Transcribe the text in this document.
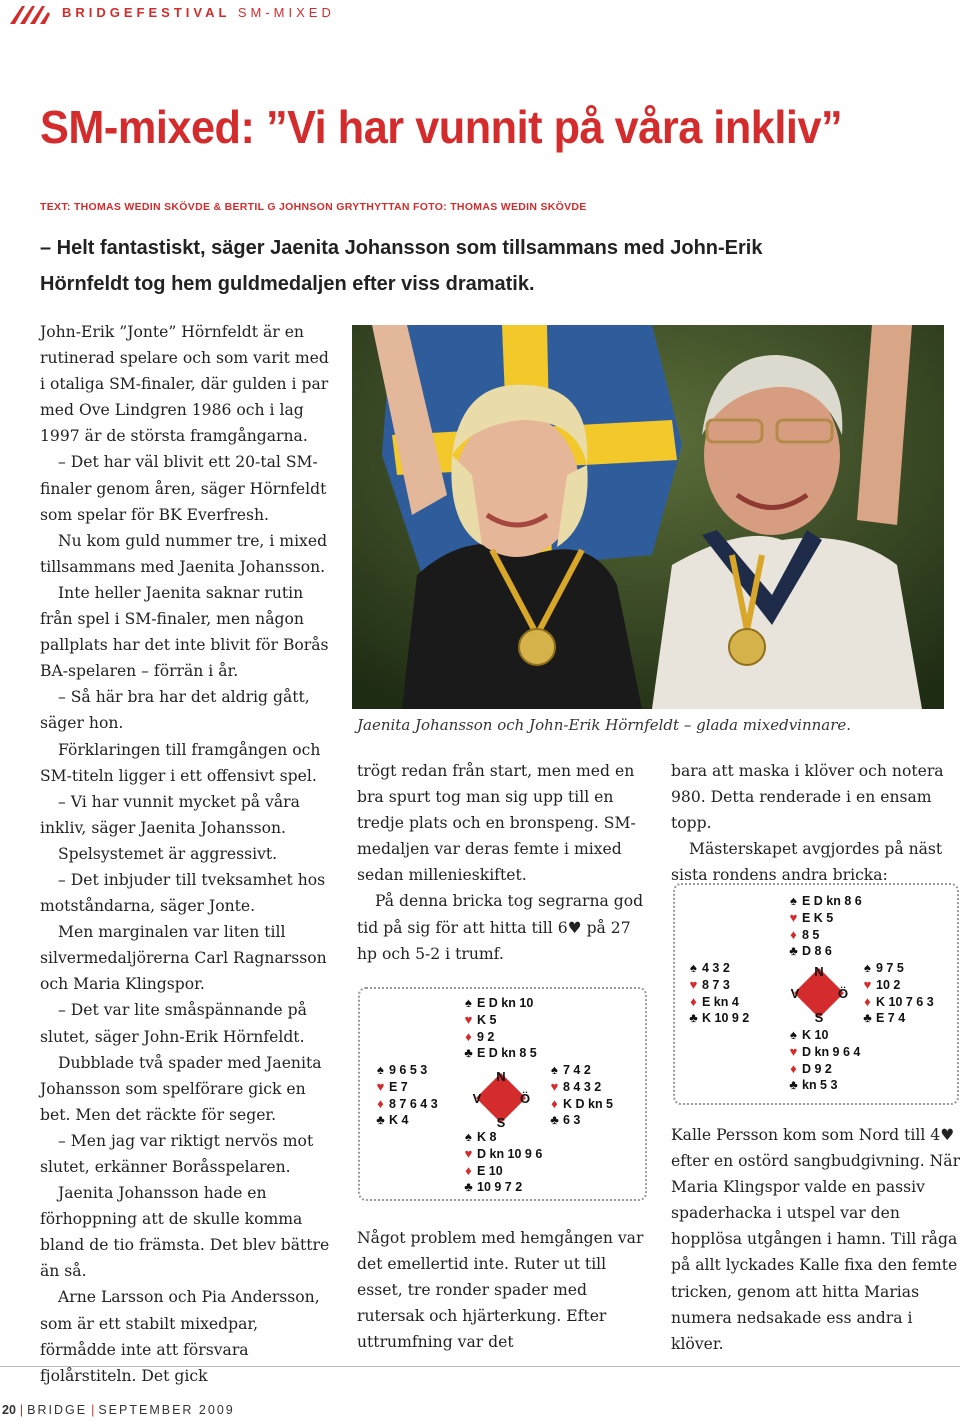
BRIDGEFESTIVAL SM-MIXED
SM-mixed: ”Vi har vunnit på våra inkliv”
TEXT: THOMAS WEDIN SKÖVDE & BERTIL G JOHNSON GRYTHYTTAN FOTO: THOMAS WEDIN SKÖVDE
– Helt fantastiskt, säger Jaenita Johansson som tillsammans med John-Erik Hörnfeldt tog hem guldmedaljen efter viss dramatik.

John-Erik ”Jonte” Hörnfeldt är en rutinerad spelare och som varit med i otaliga SM-finaler, där gulden i par med Ove Lindgren 1986 och i lag 1997 är de största framgångarna.

– Det har väl blivit ett 20-tal SM-finaler genom åren, säger Hörnfeldt som spelar för BK Everfresh.

Nu kom guld nummer tre, i mixed tillsammans med Jaenita Johansson.

Inte heller Jaenita saknar rutin från spel i SM-finaler, men någon pallplats har det inte blivit för Borås BA-spelaren – förrän i år.

– Så här bra har det aldrig gått, säger hon.

Förklaringen till framgången och SM-titeln ligger i ett offensivt spel.

– Vi har vunnit mycket på våra inkliv, säger Jaenita Johansson.

Spelsystemet är aggressivt.

– Det inbjuder till tveksamhet hos motståndarna, säger Jonte.

Men marginalen var liten till silvermedaljörerna Carl Ragnarsson och Maria Klingspor.

– Det var lite småspännande på slutet, säger John-Erik Hörnfeldt.

Dubblade två spader med Jaenita Johansson som spelförare gick en bet. Men det räckte för seger.

– Men jag var riktigt nervös mot slutet, erkänner Boråsspelaren.

Jaenita Johansson hade en förhoppning att de skulle komma bland de tio främsta. Det blev bättre än så.

Arne Larsson och Pia Andersson, som är ett stabilt mixedpar, förmådde inte att försvara fjolårstiteln. Det gick

Jaenita Johansson och John-Erik Hörnfeldt – glada mixedvinnare.

trögt redan från start, men med en bra spurt tog man sig upp till en tredje plats och en bronspeng. SM-medaljen var deras femte i mixed sedan millenieskiftet.

På denna bricka tog segrarna god tid på sig för att hitta till 6♥ på 27 hp och 5-2 i trumf.

♠ E D kn 10
♥ K 5
♦ 9 2
♣ E D kn 8 5
♠ 9 6 5 3
♥ E 7
♦ 8 7 6 4 3
♣ K 4
N
S
V	Ö
♠ 7 4 2
♥ 8 4 3 2
♦ K D kn 5
♣ 6 3
♠ K 8
♥ D kn 10 9 6
♦ E 10
♣ 10 9 7 2

Något problem med hemgången var det emellertid inte. Ruter ut till esset, tre ronder spader med rutersak och hjärterkung. Efter uttrumfning var det

bara att maska i klöver och notera 980. Detta renderade i en ensam topp.

Mästerskapet avgjordes på näst sista rondens andra bricka:

♠ E D kn 8 6
♥ E K 5
♦ 8 5
♣ D 8 6
♠ 4 3 2
♥ 8 7 3
♦ E kn 4
♣ K 10 9 2
N
S
V	Ö
♠ 9 7 5
♥ 10 2
♦ K 10 7 6 3
♣ E 7 4
♠ K 10
♥ D kn 9 6 4
♦ D 9 2
♣ kn 5 3

Kalle Persson kom som Nord till 4♥ efter en ostörd sangbudgivning. När Maria Klingspor valde en passiv spaderhacka i utspel var den hopplösa utgången i hamn. Till råga på allt lyckades Kalle fixa den femte tricken, genom att hitta Marias numera nedsakade ess andra i klöver.

20 | BRIDGE | SEPTEMBER 2009
